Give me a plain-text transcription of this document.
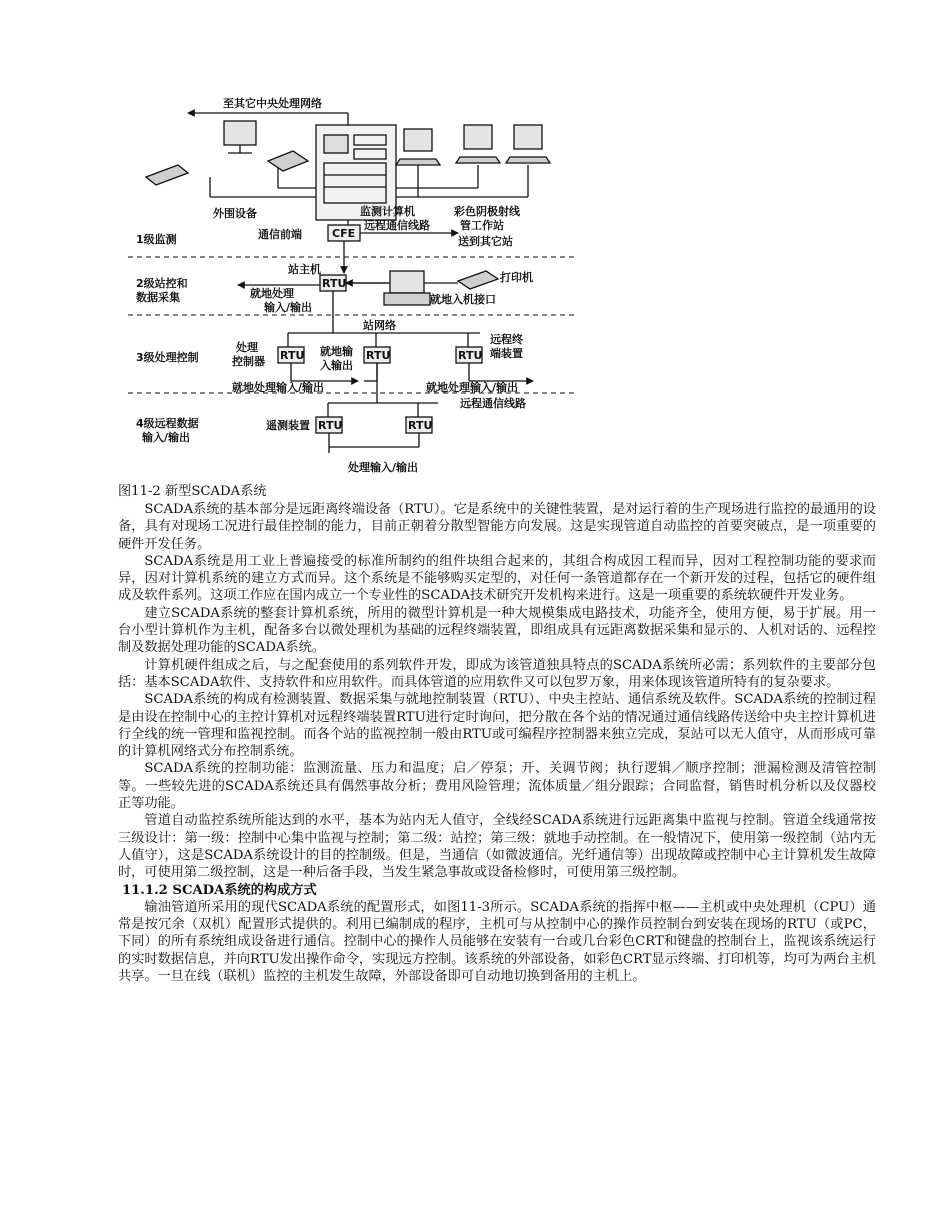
至其它中央处理网络
外围设备	监测计算机	彩色阴极射线
管工作站
送到其它站
通信前端	CFE
远程通信线路
1级监测
站主机
RTU	打印机
2级站控和
数据采集	就地处理
输入/输出
就地入机接口
站网络
处理
控制器 RTU 就地输
入输出
RTU	RTU
远程终
端装置
3级处理控制
就地处理输入/输出	就地处理输入/输出
远程通信线路
4级远程数据
输入/输出
遥测装置 RTU	RTU
处理输入/输出
图11-2 新型SCADA系统

SCADA系统的基本部分是远距离终端设备（RTU）。它是系统中的关键性装置，是对运行着的生产现场进行监控的最通用的设备，具有对现场工况进行最佳控制的能力，目前正朝着分散型智能方向发展。这是实现管道自动监控的首要突破点，是一项重要的硬件开发任务。

SCADA系统是用工业上普遍接受的标准所制约的组件块组合起来的，其组合构成因工程而异，因对工程控制功能的要求而异，因对计算机系统的建立方式而异。这个系统是不能够购买定型的，对任何一条管道都存在一个新开发的过程，包括它的硬件组成及软件系列。这项工作应在国内成立一个专业性的SCADA技术研究开发机构来进行。这是一项重要的系统软硬件开发业务。

建立SCADA系统的整套计算机系统，所用的微型计算机是一种大规模集成电路技术，功能齐全，使用方便，易于扩展。用一台小型计算机作为主机，配备多台以微处理机为基础的远程终端装置，即组成具有远距离数据采集和显示的、人机对话的、远程控制及数据处理功能的SCADA系统。

计算机硬件组成之后，与之配套使用的系列软件开发，即成为该管道独具特点的SCADA系统所必需；系列软件的主要部分包括：基本SCADA软件、支持软件和应用软件。而具体管道的应用软件又可以包罗万象，用来体现该管道所特有的复杂要求。

SCADA系统的构成有检测装置、数据采集与就地控制装置（RTU）、中央主控站、通信系统及软件。SCADA系统的控制过程是由设在控制中心的主控计算机对远程终端装置RTU进行定时询问，把分散在各个站的情况通过通信线路传送给中央主控计算机进行全线的统一管理和监视控制。而各个站的监视控制一般由RTU或可编程序控制器来独立完成，泵站可以无人值守，从而形成可靠的计算机网络式分布控制系统。

SCADA系统的控制功能：监测流量、压力和温度；启／停泵；开、关调节阀；执行逻辑／顺序控制；泄漏检测及清管控制等。一些较先进的SCADA系统还具有偶然事故分析；费用风险管理；流体质量／组分跟踪；合同监督，销售时机分析以及仪器校正等功能。

管道自动监控系统所能达到的水平，基本为站内无人值守，全线经SCADA系统进行远距离集中监视与控制。管道全线通常按三级设计：第一级：控制中心集中监视与控制；第二级：站控；第三级：就地手动控制。在一般情况下，使用第一级控制（站内无人值守），这是SCADA系统设计的目的控制级。但是，当通信（如微波通信。光纤通信等）出现故障或控制中心主计算机发生故障时，可使用第二级控制，这是一种后备手段，当发生紧急事故或设备检修时，可使用第三级控制。

11.1.2 SCADA系统的构成方式

输油管道所采用的现代SCADA系统的配置形式，如图11-3所示。SCADA系统的指挥中枢——主机或中央处理机（CPU）通常是按冗余（双机）配置形式提供的。利用已编制成的程序，主机可与从控制中心的操作员控制台到安装在现场的RTU（或PC，下同）的所有系统组成设备进行通信。控制中心的操作人员能够在安装有一台或几台彩色CRT和键盘的控制台上，监视该系统运行的实时数据信息，并向RTU发出操作命令，实现远方控制。该系统的外部设备，如彩色CRT显示终端、打印机等，均可为两台主机共享。一旦在线（联机）监控的主机发生故障，外部设备即可自动地切换到备用的主机上。
